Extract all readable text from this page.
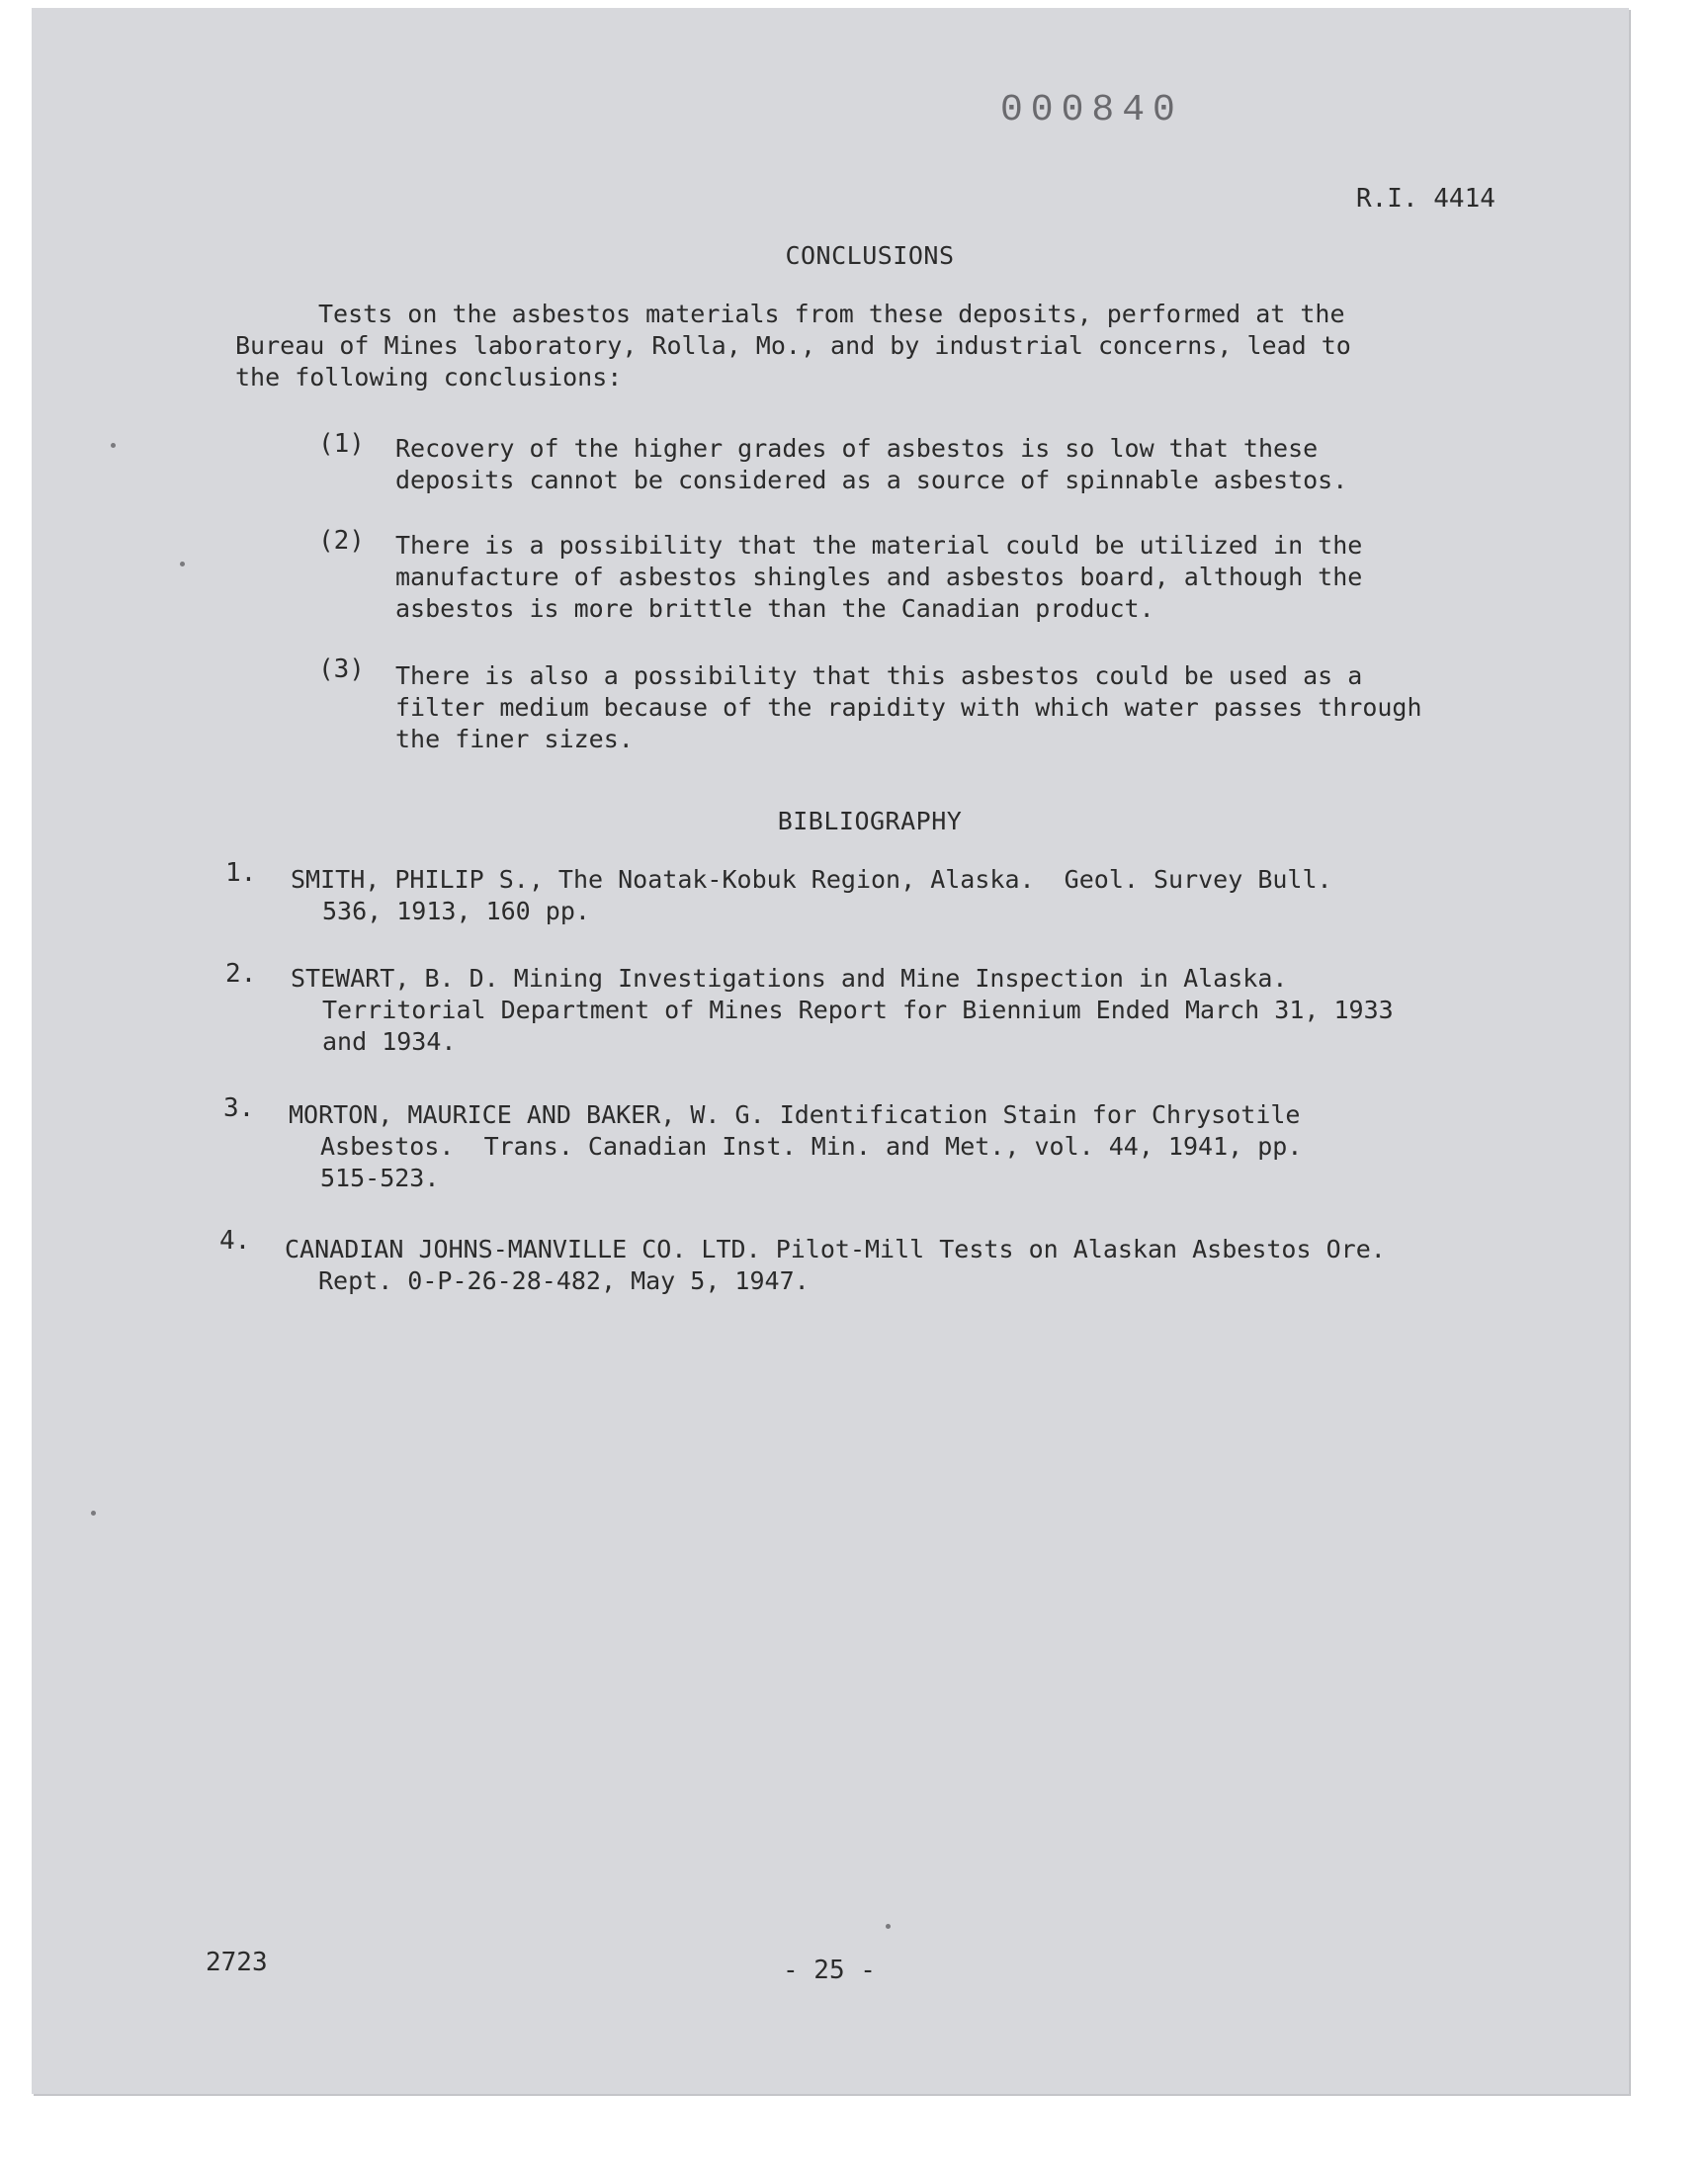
000840
R.I. 4414
CONCLUSIONS
Tests on the asbestos materials from these deposits, performed at the
Bureau of Mines laboratory, Rolla, Mo., and by industrial concerns, lead to
the following conclusions:
(1) Recovery of the higher grades of asbestos is so low that these
deposits cannot be considered as a source of spinnable asbestos.
(2) There is a possibility that the material could be utilized in the
manufacture of asbestos shingles and asbestos board, although the
asbestos is more brittle than the Canadian product.
(3) There is also a possibility that this asbestos could be used as a
filter medium because of the rapidity with which water passes through
the finer sizes.
BIBLIOGRAPHY
1. SMITH, PHILIP S., The Noatak-Kobuk Region, Alaska.  Geol. Survey Bull.
536, 1913, 160 pp.
2. STEWART, B. D. Mining Investigations and Mine Inspection in Alaska.
Territorial Department of Mines Report for Biennium Ended March 31, 1933
and 1934.
3. MORTON, MAURICE AND BAKER, W. G. Identification Stain for Chrysotile
Asbestos.  Trans. Canadian Inst. Min. and Met., vol. 44, 1941, pp.
515-523.
4. CANADIAN JOHNS-MANVILLE CO. LTD. Pilot-Mill Tests on Alaskan Asbestos Ore.
Rept. 0-P-26-28-482, May 5, 1947.
2723	- 25 -
